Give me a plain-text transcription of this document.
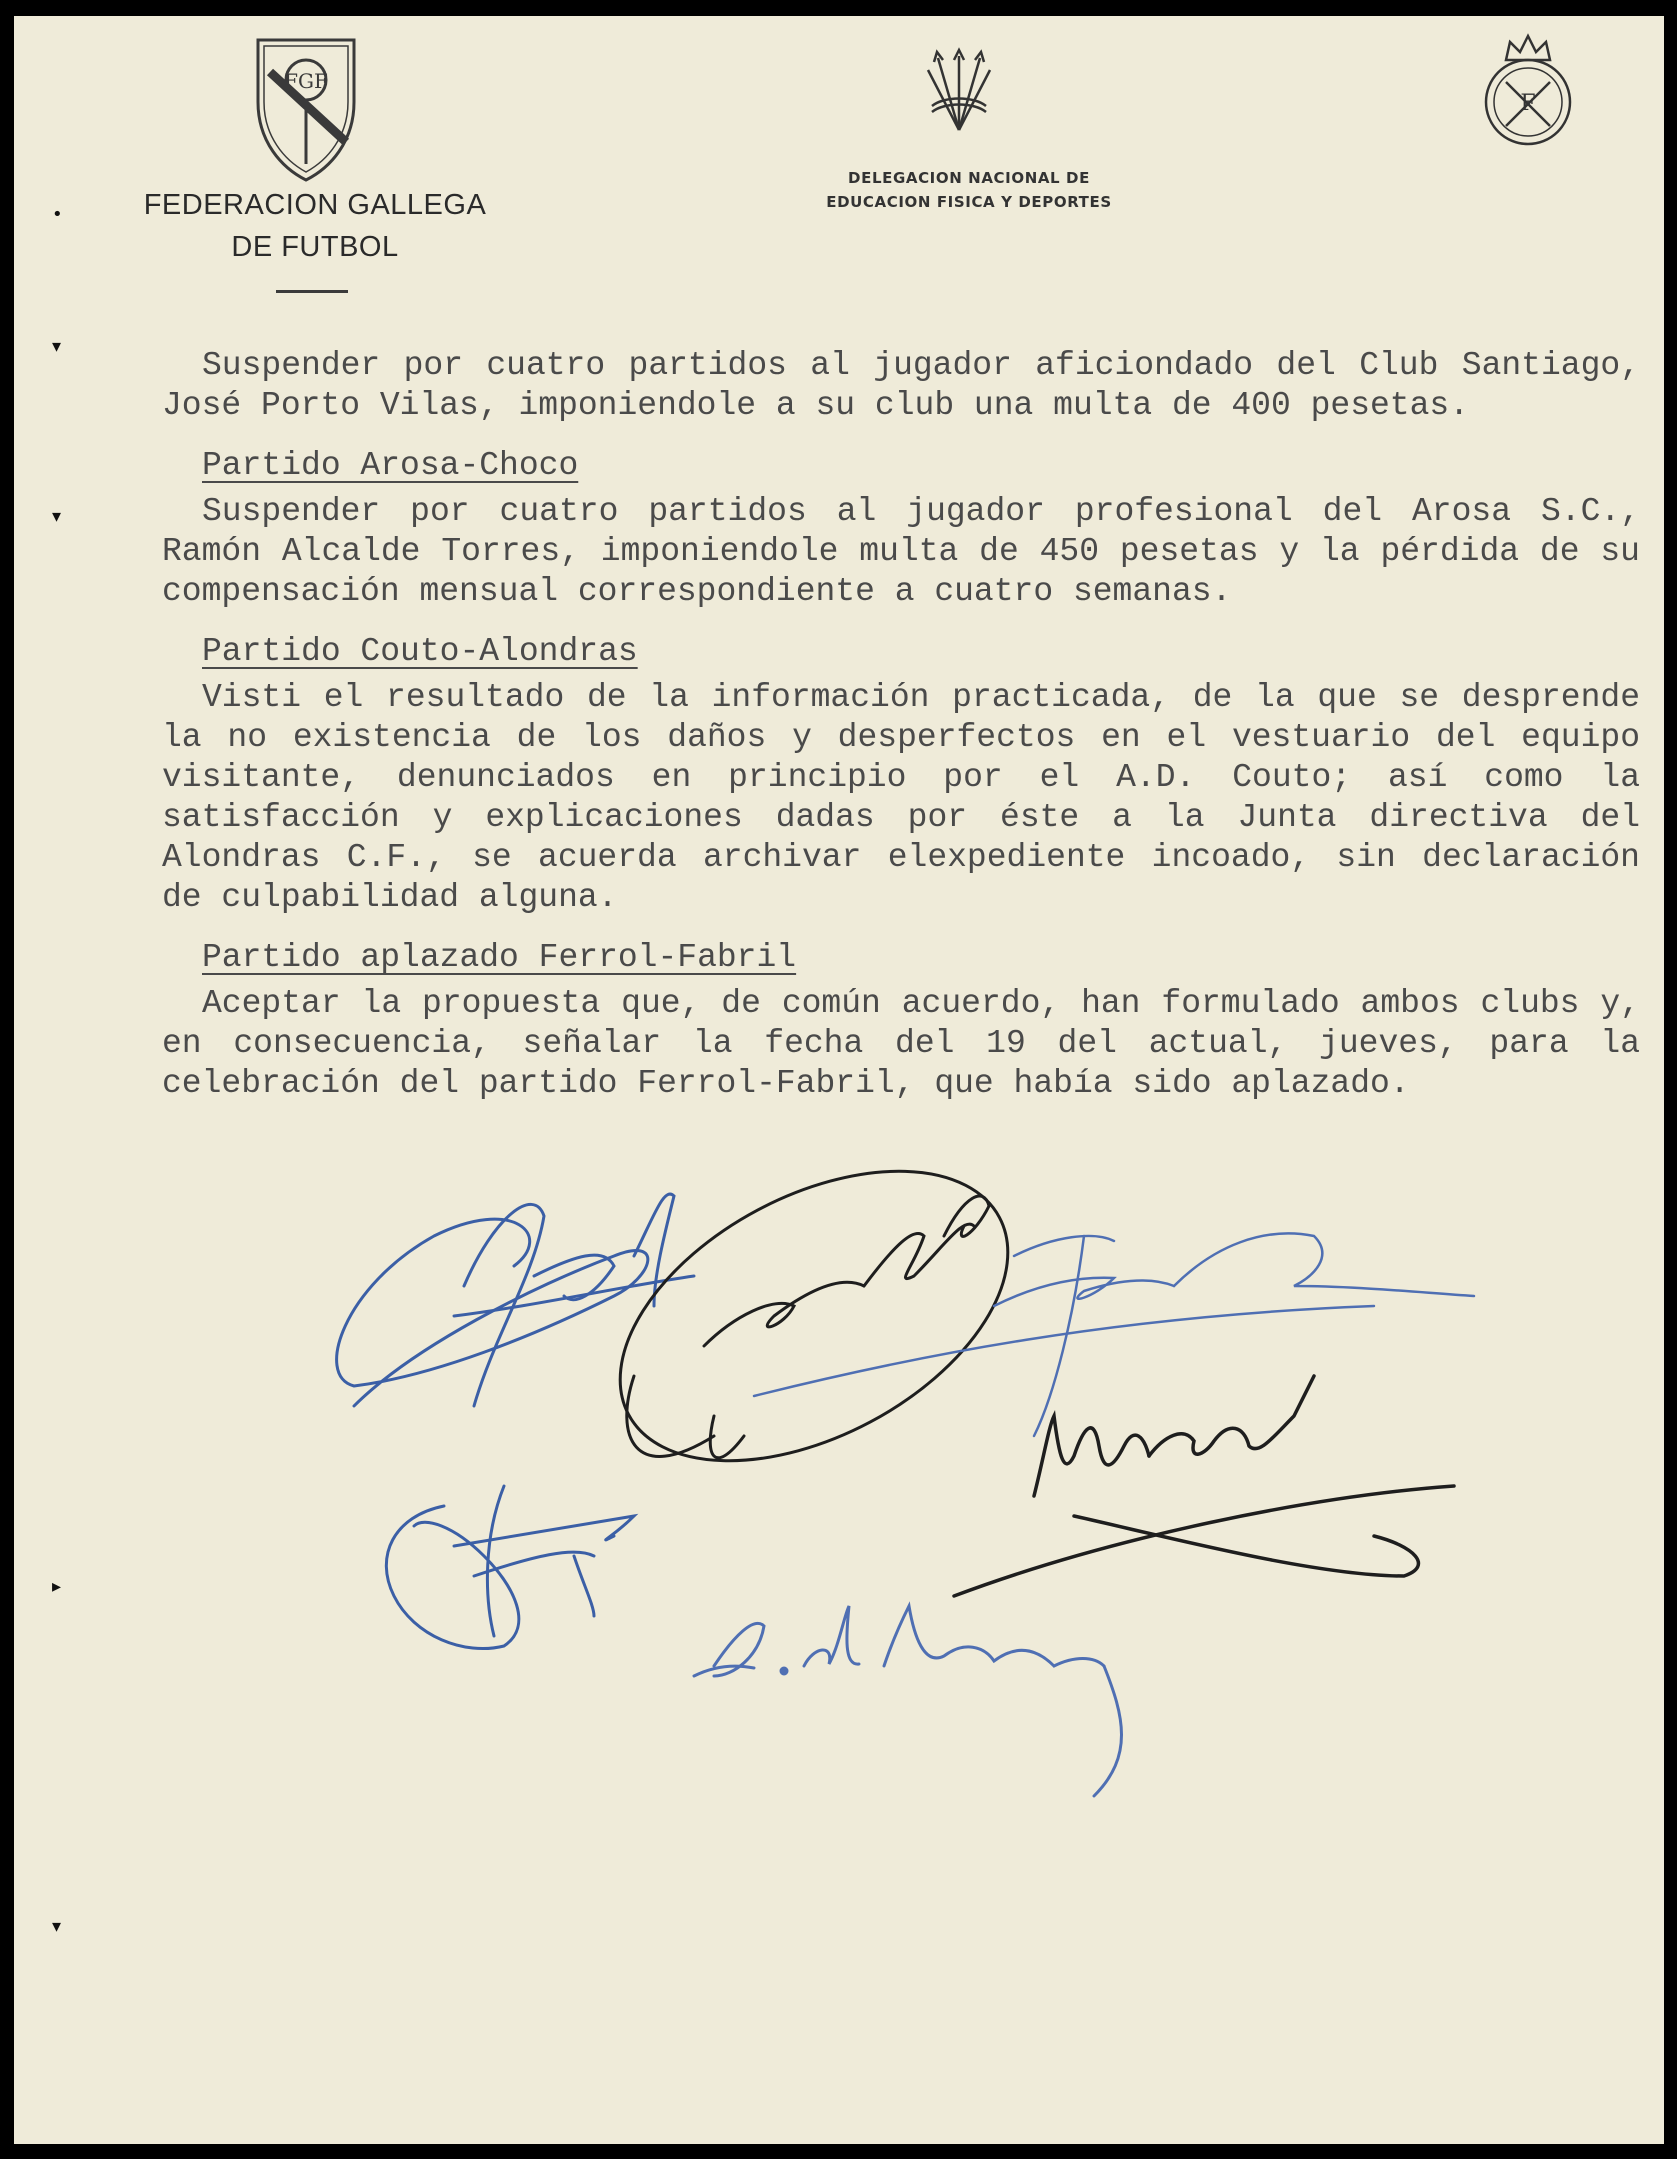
FGF
F
FEDERACION GALLEGA
DE FUTBOL
DELEGACION NACIONAL DE
EDUCACION FISICA Y DEPORTES

Suspender por cuatro partidos al jugador aficiondado del Club Santiago, José Porto Vilas, imponiendole a su club una multa de 400 pesetas.

Partido Arosa-Choco

Suspender por cuatro partidos al jugador profesional del Arosa S.C., Ramón Alcalde Torres, imponiendole multa de 450 pesetas y la pérdida de su compensación mensual correspondiente a cuatro semanas.

Partido Couto-Alondras

Visti el resultado de la información practicada, de la que se desprende la no existencia de los daños y desperfectos en el vestuario del equipo visitante, denunciados en principio por el A.D. Couto; así como la satisfacción y explicaciones dadas por éste a la Junta directiva del Alondras C.F., se acuerda archivar elexpediente incoado, sin declaración de culpabilidad alguna.

Partido aplazado Ferrol-Fabril

Aceptar la propuesta que, de común acuerdo, han formulado ambos clubs y, en consecuencia, señalar la fecha del 19 del actual, jueves, para la celebración del partido Ferrol-Fabril, que había sido aplazado.

•
▾
▾
▸
▾
